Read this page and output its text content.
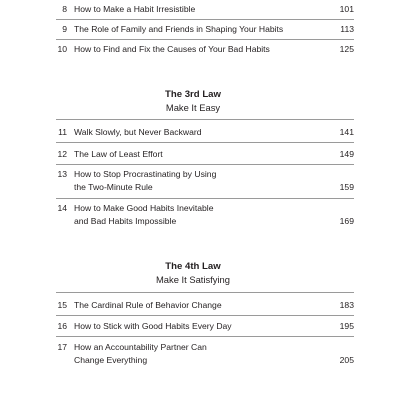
8 How to Make a Habit Irresistible	101
9 The Role of Family and Friends in Shaping Your Habits	113
10 How to Find and Fix the Causes of Your Bad Habits	125
The 3rd Law
Make It Easy
11 Walk Slowly, but Never Backward	141
12 The Law of Least Effort	149
13 How to Stop Procrastinating by Using
the Two-Minute Rule	159
14 How to Make Good Habits Inevitable
and Bad Habits Impossible	169
The 4th Law
Make It Satisfying
15 The Cardinal Rule of Behavior Change	183
16 How to Stick with Good Habits Every Day	195
17 How an Accountability Partner Can
Change Everything	205
